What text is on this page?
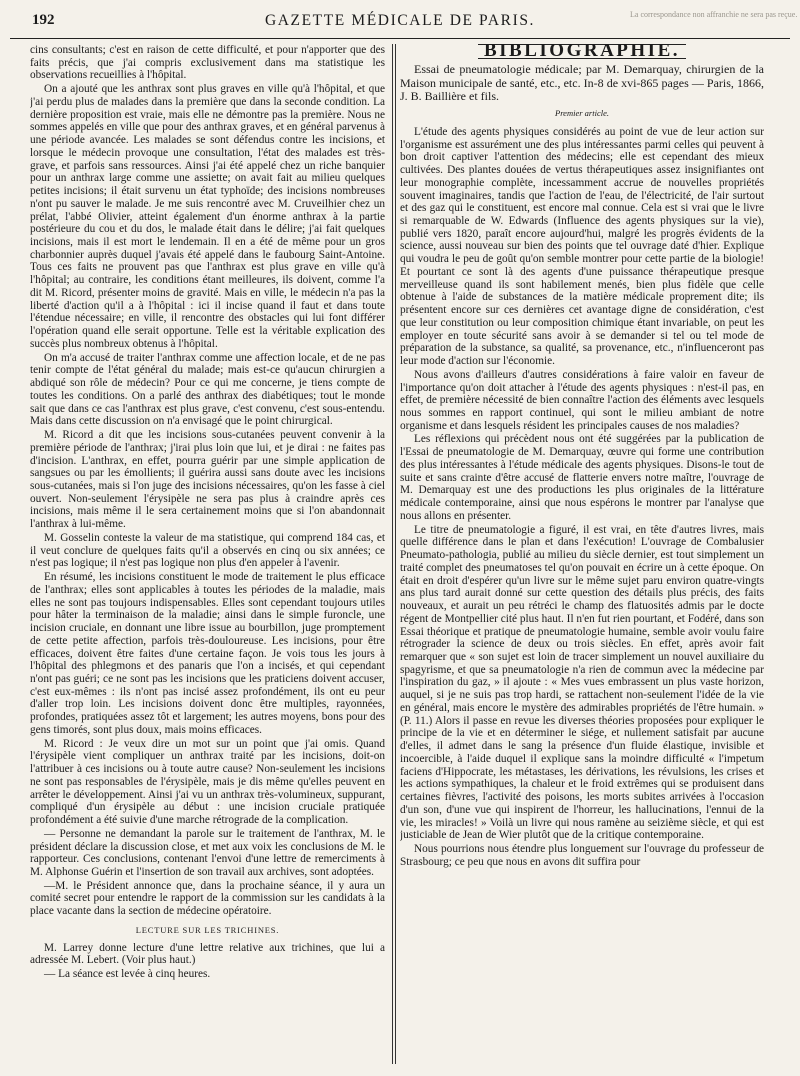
192	GAZETTE MÉDICALE DE PARIS.	La correspondance non affranchie ne sera pas reçue.

cins consultants; c'est en raison de cette difficulté, et pour n'apporter que des faits précis, que j'ai compris exclusivement dans ma statistique les observations recueillies à l'hôpital.

On a ajouté que les anthrax sont plus graves en ville qu'à l'hôpital, et que j'ai perdu plus de malades dans la première que dans la seconde condition. La dernière proposition est vraie, mais elle ne démontre pas la première. Nous ne sommes appelés en ville que pour des anthrax graves, et en général parvenus à une période avancée. Les malades se sont défendus contre les incisions, et lorsque le médecin provoque une consultation, l'état des malades est très-grave, et parfois sans ressources. Ainsi j'ai été appelé chez un riche banquier pour un anthrax large comme une assiette; on avait fait au milieu quelques petites incisions; il était survenu un état typhoïde; des incisions nombreuses n'ont pu sauver le malade. Je me suis rencontré avec M. Cruveilhier chez un prélat, l'abbé Olivier, atteint également d'un énorme anthrax à la partie postérieure du cou et du dos, le malade était dans le délire; j'ai fait quelques incisions, mais il est mort le lendemain. Il en a été de même pour un gros charbonnier auprès duquel j'avais été appelé dans le faubourg Saint-Antoine. Tous ces faits ne prouvent pas que l'anthrax est plus grave en ville qu'à l'hôpital; au contraire, les conditions étant meilleures, ils doivent, comme l'a dit M. Ricord, présenter moins de gravité. Mais en ville, le médecin n'a pas la liberté d'action qu'il a à l'hôpital : ici il incise quand il faut et dans toute l'étendue nécessaire; en ville, il rencontre des obstacles qui lui font différer l'opération quand elle serait opportune. Telle est la véritable explication des succès plus nombreux obtenus à l'hôpital.

On m'a accusé de traiter l'anthrax comme une affection locale, et de ne pas tenir compte de l'état général du malade; mais est-ce qu'aucun chirurgien a abdiqué son rôle de médecin? Pour ce qui me concerne, je tiens compte de toutes les conditions. On a parlé des anthrax des diabétiques; tout le monde sait que dans ce cas l'anthrax est plus grave, c'est convenu, c'est sous-entendu. Mais dans cette discussion on n'a envisagé que le point chirurgical.

M. Ricord a dit que les incisions sous-cutanées peuvent convenir à la première période de l'anthrax; j'irai plus loin que lui, et je dirai : ne faites pas d'incision. L'anthrax, en effet, pourra guérir par une simple application de sangsues ou par les émollients; il guérira aussi sans doute avec les incisions sous-cutanées, mais si l'on juge des incisions nécessaires, qu'on les fasse à ciel ouvert. Non-seulement l'érysipèle ne sera pas plus à craindre après ces incisions, mais même il le sera certainement moins que si l'on abandonnait l'anthrax à lui-même.

M. Gosselin conteste la valeur de ma statistique, qui comprend 184 cas, et il veut conclure de quelques faits qu'il a observés en cinq ou six années; ce n'est pas logique; il n'est pas logique non plus d'en appeler à l'avenir.

En résumé, les incisions constituent le mode de traitement le plus efficace de l'anthrax; elles sont applicables à toutes les périodes de la maladie, mais elles ne sont pas toujours indispensables. Elles sont cependant toujours utiles pour hâter la terminaison de la maladie; ainsi dans le simple furoncle, une incision cruciale, en donnant une libre issue au bourbillon, juge promptement de cette petite affection, parfois très-douloureuse. Les incisions, pour être efficaces, doivent être faites d'une certaine façon. Je vois tous les jours à l'hôpital des phlegmons et des panaris que l'on a incisés, et qui cependant n'ont pas guéri; ce ne sont pas les incisions que les praticiens doivent accuser, c'est eux-mêmes : ils n'ont pas incisé assez profondément, ils ont eu peur d'aller trop loin. Les incisions doivent donc être multiples, rayonnées, profondes, pratiquées assez tôt et largement; les autres moyens, bons pour des gens timorés, sont plus doux, mais moins efficaces.

M. Ricord : Je veux dire un mot sur un point que j'ai omis. Quand l'érysipèle vient compliquer un anthrax traité par les incisions, doit-on l'attribuer à ces incisions ou à toute autre cause? Non-seulement les incisions ne sont pas responsables de l'érysipèle, mais je dis même qu'elles peuvent en arrêter le développement. Ainsi j'ai vu un anthrax très-volumineux, suppurant, compliqué d'un érysipèle au début : une incision cruciale pratiquée profondément a été suivie d'une marche rétrograde de la complication.

— Personne ne demandant la parole sur le traitement de l'anthrax, M. le président déclare la discussion close, et met aux voix les conclusions de M. le rapporteur. Ces conclusions, contenant l'envoi d'une lettre de remerciments à M. Alphonse Guérin et l'insertion de son travail aux archives, sont adoptées.

—M. le Président annonce que, dans la prochaine séance, il y aura un comité secret pour entendre le rapport de la commission sur les candidats à la place vacante dans la section de médecine opératoire.

LECTURE SUR LES TRICHINES.

M. Larrey donne lecture d'une lettre relative aux trichines, que lui a adressée M. Lebert. (Voir plus haut.)

— La séance est levée à cinq heures.

BIBLIOGRAPHIE.

Essai de pneumatologie médicale; par M. Demarquay, chirurgien de la Maison municipale de santé, etc., etc. In-8 de xvi-865 pages — Paris, 1866, J. B. Baillière et fils.

Premier article.

L'étude des agents physiques considérés au point de vue de leur action sur l'organisme est assurément une des plus intéressantes parmi celles qui peuvent à bon droit captiver l'attention des médecins; elle est cependant des mieux cultivées. Des plantes douées de vertus thérapeutiques assez insignifiantes ont leur monographie complète, incessamment accrue de nouvelles propriétés souvent imaginaires, tandis que l'action de l'eau, de l'électricité, de l'air surtout et des gaz qui le constituent, est encore mal connue. Cela est si vrai que le livre si remarquable de W. Edwards (Influence des agents physiques sur la vie), publié vers 1820, paraît encore aujourd'hui, malgré les progrès évidents de la science, aussi nouveau sur bien des points que tel ouvrage daté d'hier. Explique qui voudra le peu de goût qu'on semble montrer pour cette partie de la biologie! Et pourtant ce sont là des agents d'une puissance thérapeutique presque merveilleuse quand ils sont habilement menés, bien plus fidèle que celle obtenue à l'aide de substances de la matière médicale proprement dite; ils présentent encore sur ces dernières cet avantage digne de considération, c'est que leur constitution ou leur composition chimique étant invariable, on peut les employer en toute sécurité sans avoir à se demander si tel ou tel mode de préparation de la substance, sa qualité, sa provenance, etc., n'influenceront pas leur mode d'action sur l'économie.

Nous avons d'ailleurs d'autres considérations à faire valoir en faveur de l'importance qu'on doit attacher à l'étude des agents physiques : n'est-il pas, en effet, de première nécessité de bien connaître l'action des éléments avec lesquels nous sommes en rapport continuel, qui sont le milieu ambiant de notre organisme et dans lesquels résident les principales causes de nos maladies?

Les réflexions qui précèdent nous ont été suggérées par la publication de l'Essai de pneumatologie de M. Demarquay, œuvre qui forme une contribution des plus intéressantes à l'étude médicale des agents physiques. Disons-le tout de suite et sans crainte d'être accusé de flatterie envers notre maître, l'ouvrage de M. Demarquay est une des productions les plus originales de la littérature médicale contemporaine, ainsi que nous espérons le montrer par l'analyse que nous allons en présenter.

Le titre de pneumatologie a figuré, il est vrai, en tête d'autres livres, mais quelle différence dans le plan et dans l'exécution! L'ouvrage de Combalusier Pneumato-pathologia, publié au milieu du siècle dernier, est tout simplement un traité complet des pneumatoses tel qu'on pouvait en écrire un à cette époque. On était en droit d'espérer qu'un livre sur le même sujet paru environ quatre-vingts ans plus tard aurait donné sur cette question des détails plus précis, des faits nouveaux, et aurait un peu rétréci le champ des flatuosités admis par le docte régent de Montpellier cité plus haut. Il n'en fut rien pourtant, et Fodéré, dans son Essai théorique et pratique de pneumatologie humaine, semble avoir voulu faire rétrograder la science de deux ou trois siècles. En effet, après avoir fait remarquer que « son sujet est loin de tracer simplement un nouvel auxiliaire du spagyrisme, et que sa pneumatologie n'a rien de commun avec la médecine par l'inspiration du gaz, » il ajoute : « Mes vues embrassent un plus vaste horizon, auquel, si je ne suis pas trop hardi, se rattachent non-seulement l'idée de la vie en général, mais encore le mystère des admirables propriétés de l'être humain. » (P. 11.) Alors il passe en revue les diverses théories proposées pour expliquer le principe de la vie et en déterminer le siége, et nullement satisfait par aucune d'elles, il admet dans le sang la présence d'un fluide élastique, invisible et incoercible, à l'aide duquel il explique sans la moindre difficulté « l'impetum faciens d'Hippocrate, les métastases, les dérivations, les révulsions, les crises et les actions sympathiques, la chaleur et le froid extrêmes qui se produisent dans certaines fièvres, l'activité des poisons, les morts subites arrivées à l'occasion d'un son, d'une vue qui inspirent de l'horreur, les hallucinations, l'ennui de la vie, les miracles! » Voilà un livre qui nous ramène au seizième siècle, et qui est justiciable de Jean de Wier plutôt que de la critique contemporaine.

Nous pourrions nous étendre plus longuement sur l'ouvrage du professeur de Strasbourg; ce peu que nous en avons dit suffira pour
